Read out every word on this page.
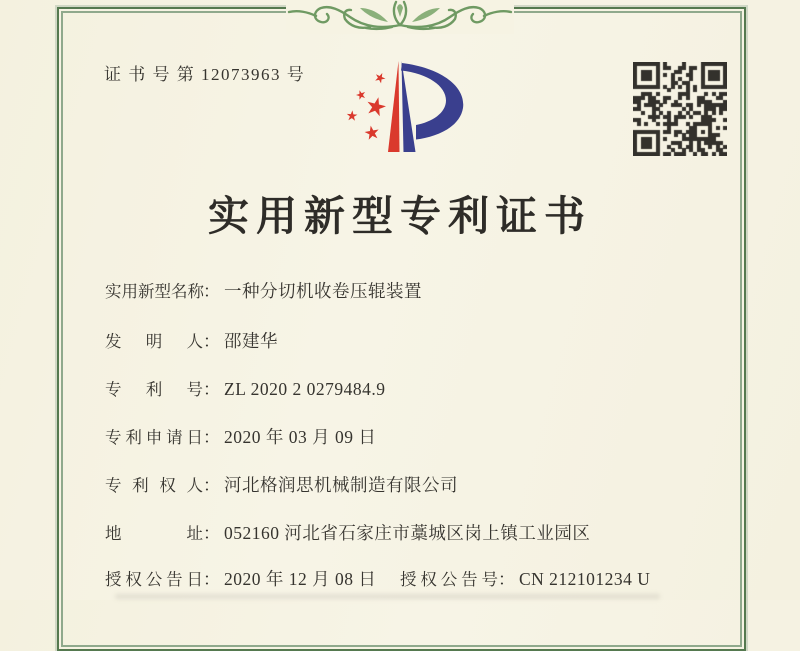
证 书 号 第 12073963 号
实用新型专利证书
实用新型名称： 一种分切机收卷压辊装置
发明人： 邵建华
专利号： ZL 2020 2 0279484.9
专利申请日： 2020 年 03 月 09 日
专利权人： 河北格润思机械制造有限公司
地址： 052160 河北省石家庄市藁城区岗上镇工业园区
授权公告日： 2020 年 12 月 08 日 授权公告号： CN 212101234 U
